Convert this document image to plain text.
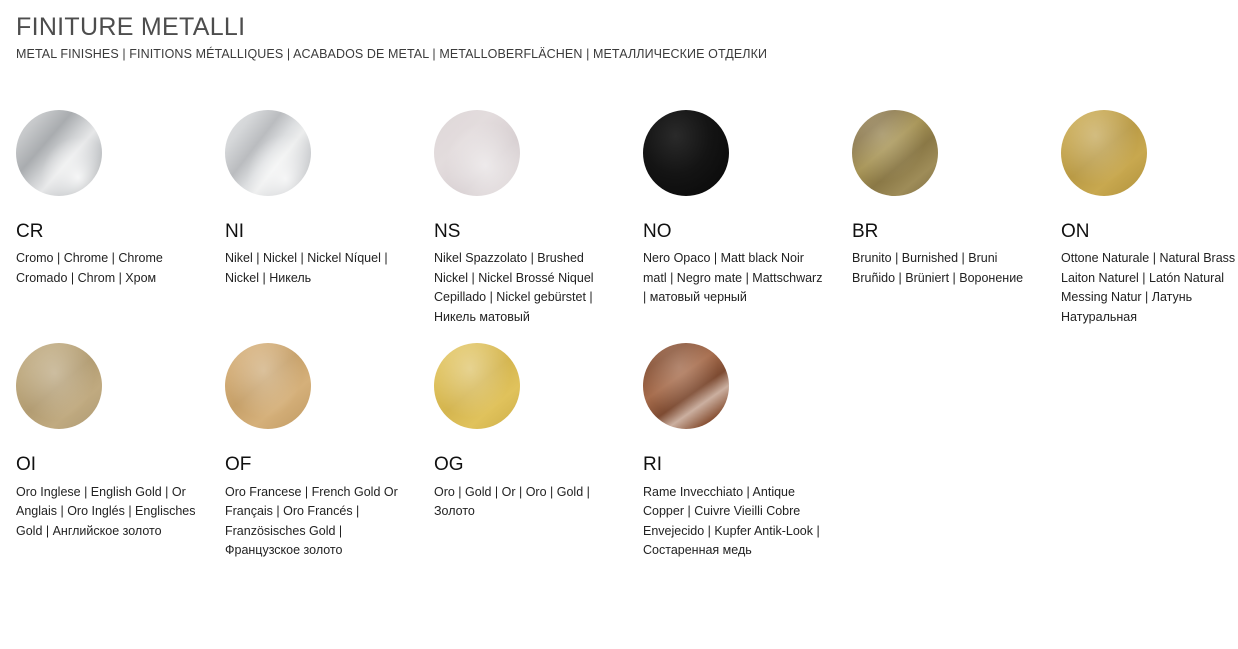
FINITURE METALLI

METAL FINISHES | FINITIONS MÉTALLIQUES | ACABADOS DE METAL | METALLOBERFLÄCHEN | МЕТАЛЛИЧЕСКИЕ ОТДЕЛКИ

CR
Cromo | Chrome | Chrome Cromado | Chrom | Хром
NI
Nikel | Nickel | Nickel Níquel | Nickel | Никель
NS
Nikel Spazzolato | Brushed Nickel | Nickel Brossé Niquel Cepillado | Nickel gebürstet | Никель матовый
NO
Nero Opaco | Matt black Noir matl | Negro mate | Mattschwarz | матовый черный
BR
Brunito | Burnished | Bruni Bruñido | Brüniert | Воронение
ON
Ottone Naturale | Natural Brass Laiton Naturel | Latón Natural Messing Natur | Латунь Натуральная
OI
Oro Inglese | English Gold | Or Anglais | Oro Inglés | Englisches Gold | Английское золото
OF
Oro Francese | French Gold Or Français | Oro Francés | Französisches Gold | Французское золото
OG
Oro | Gold | Or | Oro | Gold | Золото
RI
Rame Invecchiato | Antique Copper | Cuivre Vieilli Cobre Envejecido | Kupfer Antik-Look | Состаренная медь
